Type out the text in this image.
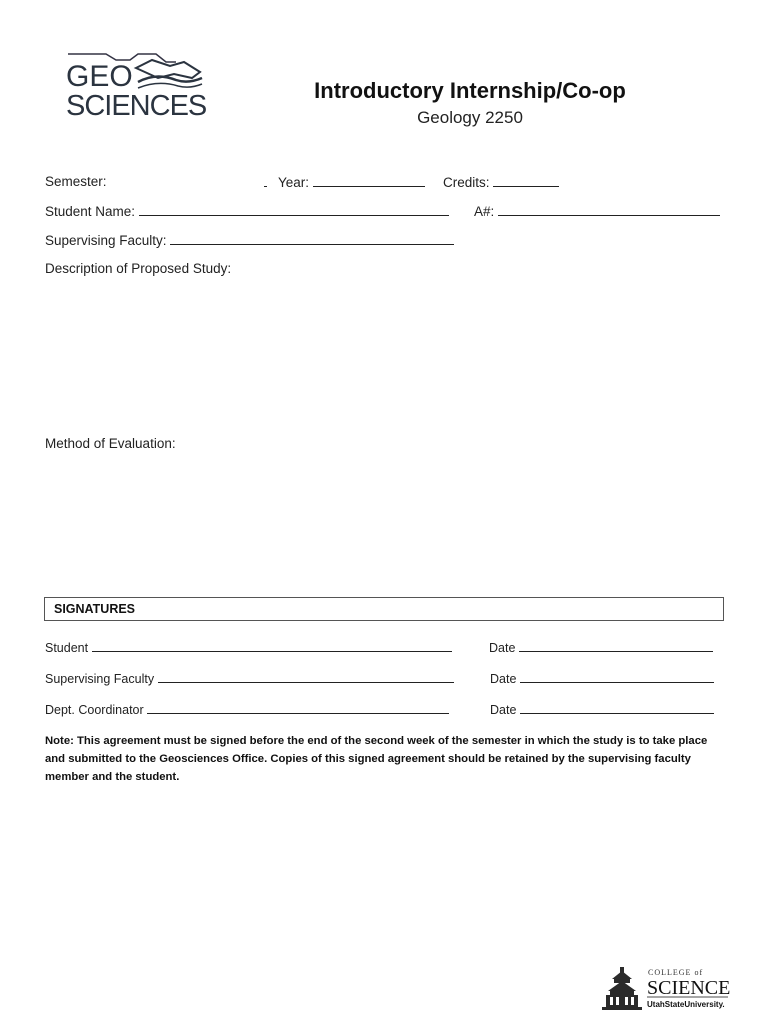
GEO
SCIENCES	Introductory Internship/Co-op
Geology 2250
Semester:	Year:	Credits:
Student Name:	A#:
Supervising Faculty:
Description of Proposed Study:
Method of Evaluation:
SIGNATURES
Student	Date
Supervising Faculty	Date
Dept. Coordinator	Date
Note: This agreement must be signed before the end of the second week of the semester in which the study is to take place and submitted to the Geosciences Office. Copies of this signed agreement should be retained by the supervising faculty member and the student.
COLLEGE of
SCIENCE
UtahStateUniversity.
